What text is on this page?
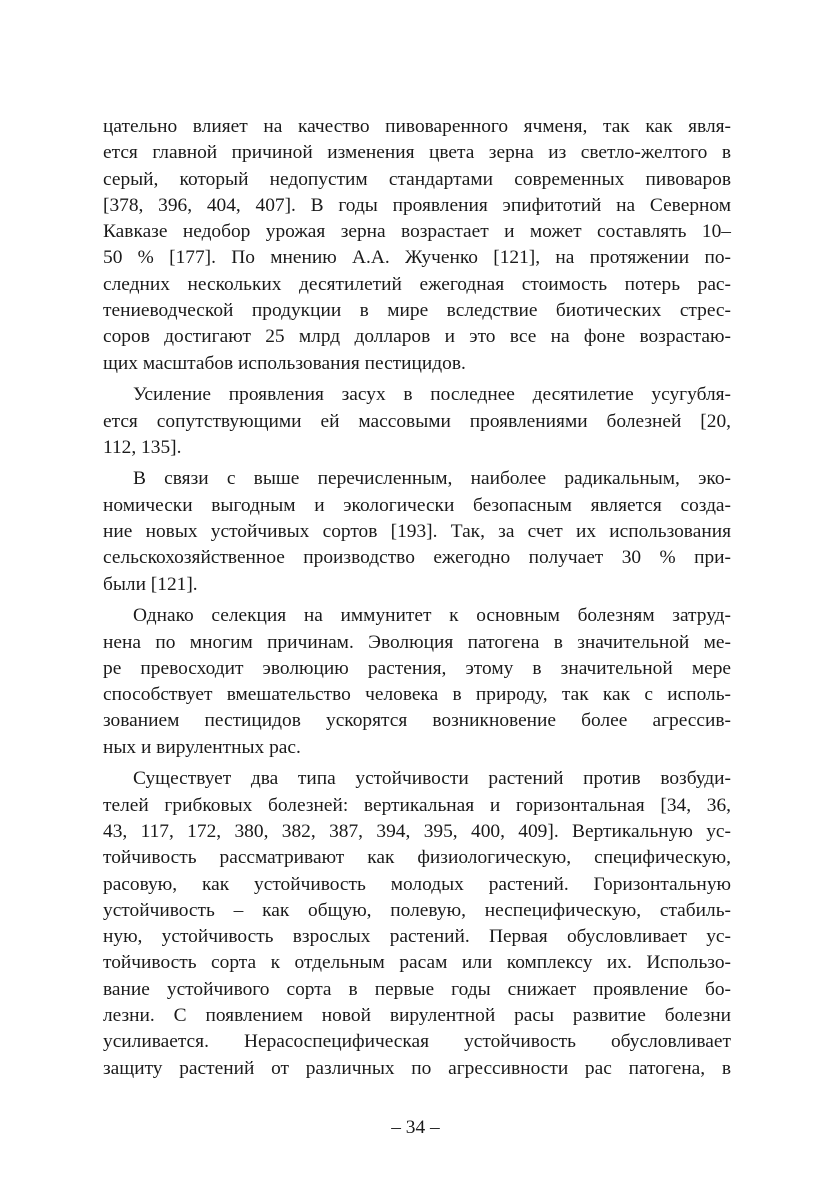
цательно влияет на качество пивоваренного ячменя, так как явля-
ется главной причиной изменения цвета зерна из светло-желтого в
серый, который недопустим стандартами современных пивоваров
[378, 396, 404, 407]. В годы проявления эпифитотий на Северном
Кавказе недобор урожая зерна возрастает и может составлять 10–
50 % [177]. По мнению А.А. Жученко [121], на протяжении по-
следних нескольких десятилетий ежегодная стоимость потерь рас-
тениеводческой продукции в мире вследствие биотических стрес-
соров достигают 25 млрд долларов и это все на фоне возрастаю-
щих масштабов использования пестицидов.

Усиление проявления засух в последнее десятилетие усугубля-
ется сопутствующими ей массовыми проявлениями болезней [20,
112, 135].

В связи с выше перечисленным, наиболее радикальным, эко-
номически выгодным и экологически безопасным является созда-
ние новых устойчивых сортов [193]. Так, за счет их использования
сельскохозяйственное производство ежегодно получает 30 % при-
были [121].

Однако селекция на иммунитет к основным болезням затруд-
нена по многим причинам. Эволюция патогена в значительной ме-
ре превосходит эволюцию растения, этому в значительной мере
способствует вмешательство человека в природу, так как с исполь-
зованием пестицидов ускорятся возникновение более агрессив-
ных и вирулентных рас.

Существует два типа устойчивости растений против возбуди-
телей грибковых болезней: вертикальная и горизонтальная [34, 36,
43, 117, 172, 380, 382, 387, 394, 395, 400, 409]. Вертикальную ус-
тойчивость рассматривают как физиологическую, специфическую,
расовую, как устойчивость молодых растений. Горизонтальную
устойчивость – как общую, полевую, неспецифическую, стабиль-
ную, устойчивость взрослых растений. Первая обусловливает ус-
тойчивость сорта к отдельным расам или комплексу их. Использо-
вание устойчивого сорта в первые годы снижает проявление бо-
лезни. С появлением новой вирулентной расы развитие болезни
усиливается. Нерасоспецифическая устойчивость обусловливает
защиту растений от различных по агрессивности рас патогена, в

– 34 –
